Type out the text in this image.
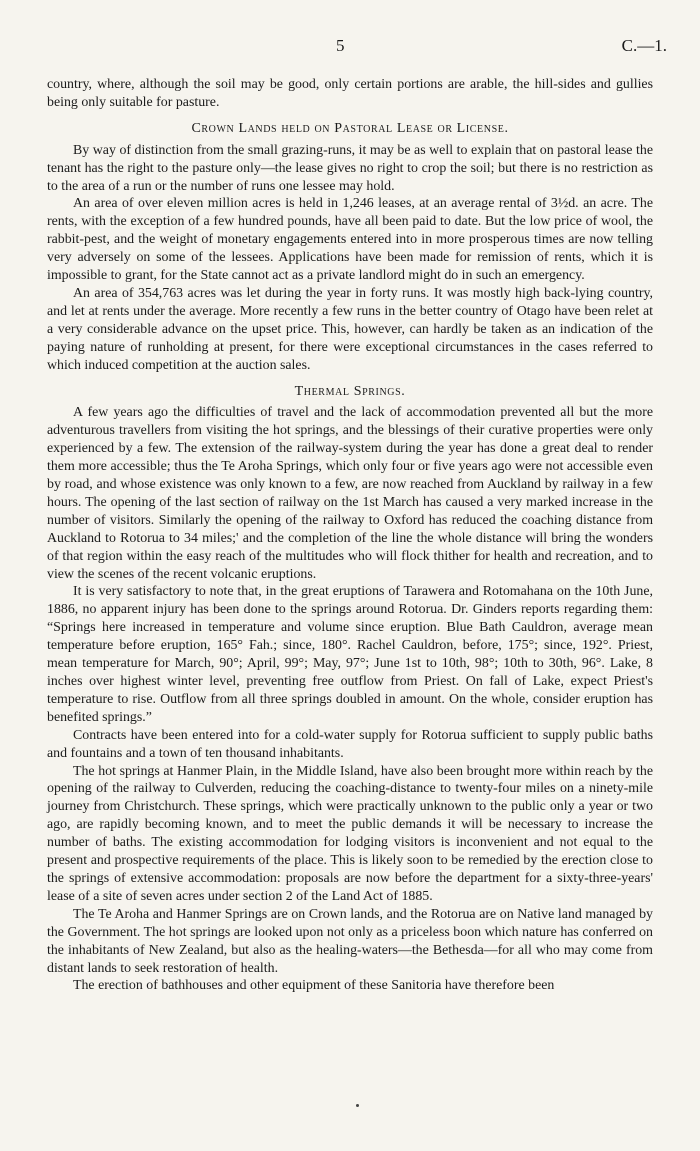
5	C.—1.

country, where, although the soil may be good, only certain portions are arable, the hill-sides and gullies being only suitable for pasture.

Crown Lands held on Pastoral Lease or License.

By way of distinction from the small grazing-runs, it may be as well to explain that on pastoral lease the tenant has the right to the pasture only—the lease gives no right to crop the soil; but there is no restriction as to the area of a run or the number of runs one lessee may hold.

An area of over eleven million acres is held in 1,246 leases, at an average rental of 3½d. an acre. The rents, with the exception of a few hundred pounds, have all been paid to date. But the low price of wool, the rabbit-pest, and the weight of monetary engagements entered into in more prosperous times are now telling very adversely on some of the lessees. Applications have been made for remission of rents, which it is impossible to grant, for the State cannot act as a private landlord might do in such an emergency.

An area of 354,763 acres was let during the year in forty runs. It was mostly high back-lying country, and let at rents under the average. More recently a few runs in the better country of Otago have been relet at a very considerable advance on the upset price. This, however, can hardly be taken as an indication of the paying nature of runholding at present, for there were exceptional circumstances in the cases referred to which induced competition at the auction sales.

Thermal Springs.

A few years ago the difficulties of travel and the lack of accommodation prevented all but the more adventurous travellers from visiting the hot springs, and the blessings of their curative properties were only experienced by a few. The extension of the railway-system during the year has done a great deal to render them more accessible; thus the Te Aroha Springs, which only four or five years ago were not accessible even by road, and whose existence was only known to a few, are now reached from Auckland by railway in a few hours. The opening of the last section of railway on the 1st March has caused a very marked increase in the number of visitors. Similarly the opening of the railway to Oxford has reduced the coaching distance from Auckland to Rotorua to 34 miles;' and the completion of the line the whole distance will bring the wonders of that region within the easy reach of the multitudes who will flock thither for health and recreation, and to view the scenes of the recent volcanic eruptions.

It is very satisfactory to note that, in the great eruptions of Tarawera and Rotomahana on the 10th June, 1886, no apparent injury has been done to the springs around Rotorua. Dr. Ginders reports regarding them: “Springs here increased in temperature and volume since eruption. Blue Bath Cauldron, average mean temperature before eruption, 165° Fah.; since, 180°. Rachel Cauldron, before, 175°; since, 192°. Priest, mean temperature for March, 90°; April, 99°; May, 97°; June 1st to 10th, 98°; 10th to 30th, 96°. Lake, 8 inches over highest winter level, preventing free outflow from Priest. On fall of Lake, expect Priest's temperature to rise. Outflow from all three springs doubled in amount. On the whole, consider eruption has benefited springs.”

Contracts have been entered into for a cold-water supply for Rotorua sufficient to supply public baths and fountains and a town of ten thousand inhabitants.

The hot springs at Hanmer Plain, in the Middle Island, have also been brought more within reach by the opening of the railway to Culverden, reducing the coaching-distance to twenty-four miles on a ninety-mile journey from Christchurch. These springs, which were practically unknown to the public only a year or two ago, are rapidly becoming known, and to meet the public demands it will be necessary to increase the number of baths. The existing accommodation for lodging visitors is inconvenient and not equal to the present and prospective requirements of the place. This is likely soon to be remedied by the erection close to the springs of extensive accommodation: proposals are now before the department for a sixty-three-years' lease of a site of seven acres under section 2 of the Land Act of 1885.

The Te Aroha and Hanmer Springs are on Crown lands, and the Rotorua are on Native land managed by the Government. The hot springs are looked upon not only as a priceless boon which nature has conferred on the inhabitants of New Zealand, but also as the healing-waters—the Bethesda—for all who may come from distant lands to seek restoration of health.

The erection of bathhouses and other equipment of these Sanitoria have therefore been
